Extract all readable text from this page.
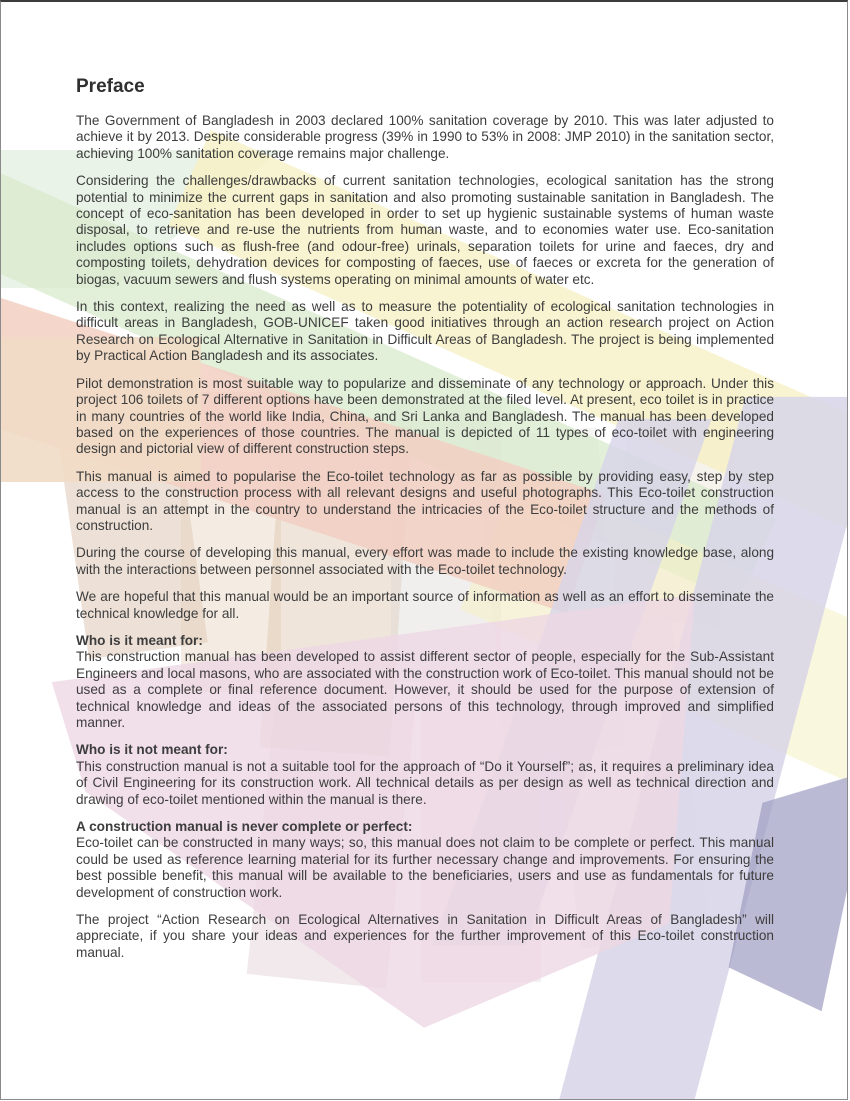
Preface

The Government of Bangladesh in 2003 declared 100% sanitation coverage by 2010. This was later adjusted to achieve it by 2013. Despite considerable progress (39% in 1990 to 53% in 2008: JMP 2010) in the sanitation sector, achieving 100% sanitation coverage remains major challenge.

Considering the challenges/drawbacks of current sanitation technologies, ecological sanitation has the strong potential to minimize the current gaps in sanitation and also promoting sustainable sanitation in Bangladesh. The concept of eco-sanitation has been developed in order to set up hygienic sustainable systems of human waste disposal, to retrieve and re-use the nutrients from human waste, and to economies water use. Eco-sanitation includes options such as flush-free (and odour-free) urinals, separation toilets for urine and faeces, dry and composting toilets, dehydration devices for composting of faeces, use of faeces or excreta for the generation of biogas, vacuum sewers and flush systems operating on minimal amounts of water etc.

In this context, realizing the need as well as to measure the potentiality of ecological sanitation technologies in difficult areas in Bangladesh, GOB-UNICEF taken good initiatives through an action research project on Action Research on Ecological Alternative in Sanitation in Difficult Areas of Bangladesh. The project is being implemented by Practical Action Bangladesh and its associates.

Pilot demonstration is most suitable way to popularize and disseminate of any technology or approach. Under this project 106 toilets of 7 different options have been demonstrated at the filed level. At present, eco toilet is in practice in many countries of the world like India, China, and Sri Lanka and Bangladesh. The manual has been developed based on the experiences of those countries. The manual is depicted of 11 types of eco-toilet with engineering design and pictorial view of different construction steps.

This manual is aimed to popularise the Eco-toilet technology as far as possible by providing easy, step by step access to the construction process with all relevant designs and useful photographs. This Eco-toilet construction manual is an attempt in the country to understand the intricacies of the Eco-toilet structure and the methods of construction.

During the course of developing this manual, every effort was made to include the existing knowledge base, along with the interactions between personnel associated with the Eco-toilet technology.

We are hopeful that this manual would be an important source of information as well as an effort to disseminate the technical knowledge for all.

Who is it meant for:

This construction manual has been developed to assist different sector of people, especially for the Sub-Assistant Engineers and local masons, who are associated with the construction work of Eco-toilet. This manual should not be used as a complete or final reference document. However, it should be used for the purpose of extension of technical knowledge and ideas of the associated persons of this technology, through improved and simplified manner.

Who is it not meant for:

This construction manual is not a suitable tool for the approach of “Do it Yourself”; as, it requires a preliminary idea of Civil Engineering for its construction work. All technical details as per design as well as technical direction and drawing of eco-toilet mentioned within the manual is there.

A construction manual is never complete or perfect:

Eco-toilet can be constructed in many ways; so, this manual does not claim to be complete or perfect. This manual could be used as reference learning material for its further necessary change and improvements. For ensuring the best possible benefit, this manual will be available to the beneficiaries, users and use as fundamentals for future development of construction work.

The project “Action Research on Ecological Alternatives in Sanitation in Difficult Areas of Bangladesh” will appreciate, if you share your ideas and experiences for the further improvement of this Eco-toilet construction manual.
